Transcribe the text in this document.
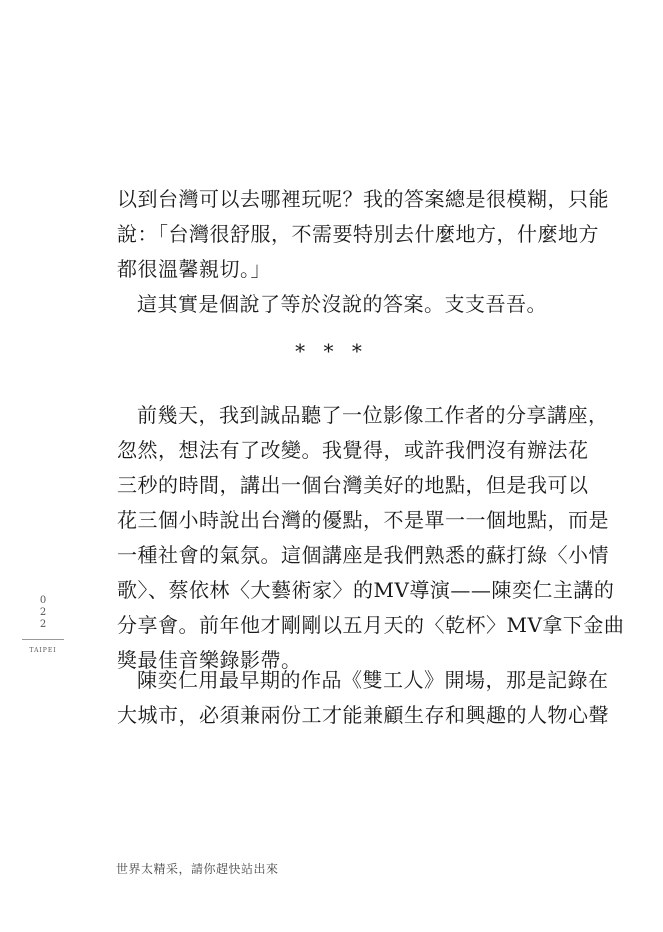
以到台灣可以去哪裡玩呢？我的答案總是很模糊，只能
說：「台灣很舒服，不需要特別去什麼地方，什麼地方
都很溫馨親切。」
這其實是個說了等於沒說的答案。支支吾吾。
* * *
前幾天，我到誠品聽了一位影像工作者的分享講座，
忽然，想法有了改變。我覺得，或許我們沒有辦法花
三秒的時間，講出一個台灣美好的地點，但是我可以
花三個小時說出台灣的優點，不是單一一個地點，而是
一種社會的氣氛。這個講座是我們熟悉的蘇打綠〈小情
歌〉、蔡依林〈大藝術家〉的MV導演——陳奕仁主講的
分享會。前年他才剛剛以五月天的〈乾杯〉MV拿下金曲
獎最佳音樂錄影帶。
陳奕仁用最早期的作品《雙工人》開場，那是記錄在
大城市，必須兼兩份工才能兼顧生存和興趣的人物心聲
0
2
2
TAIPEI
世界太精采，請你趕快站出來
